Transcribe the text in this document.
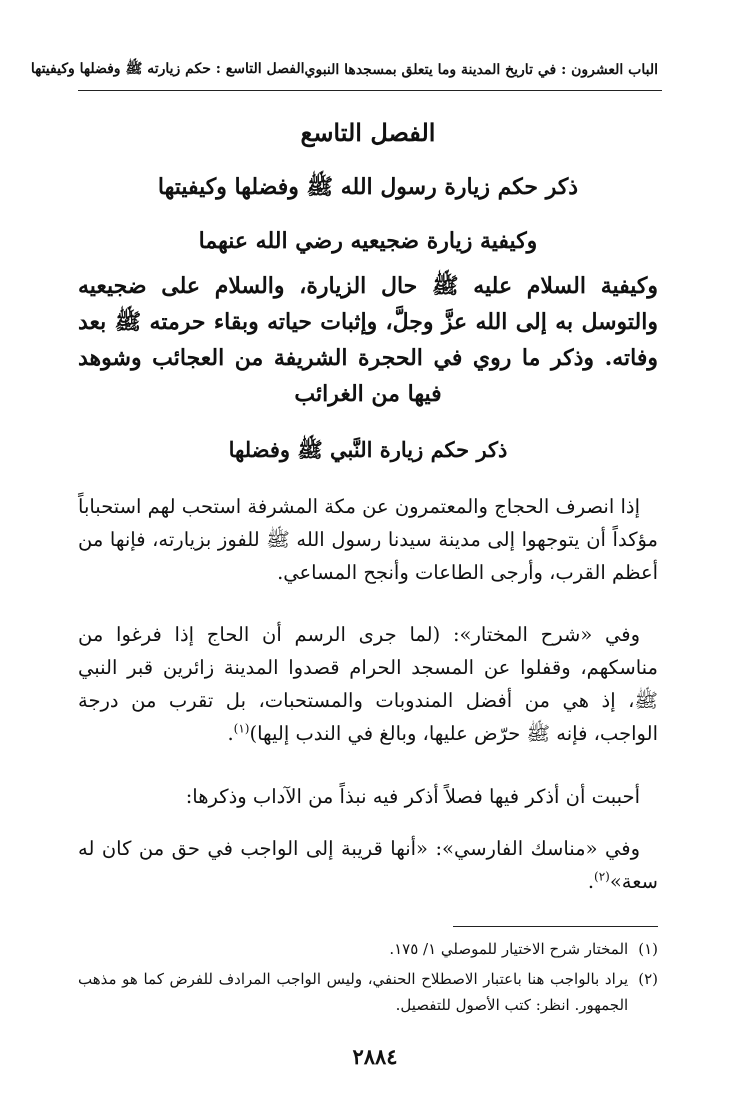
الباب العشرون : في تاريخ المدينة وما يتعلق بمسجدها النبوي
الفصل التاسع : حكم زيارته ﷺ وفضلها وكيفيتها
الفصل التاسع
ذكر حكم زيارة رسول الله ﷺ وفضلها وكيفيتها
وكيفية زيارة ضجيعيه رضي الله عنهما
وكيفية السلام عليه ﷺ حال الزيارة، والسلام على ضجيعيه والتوسل به إلى الله عزَّ وجلَّ، وإثبات حياته وبقاء حرمته ﷺ بعد وفاته. وذكر ما روي في الحجرة الشريفة من العجائب وشوهد فيها من الغرائب
ذكر حكم زيارة النَّبي ﷺ وفضلها

إذا انصرف الحجاج والمعتمرون عن مكة المشرفة استحب لهم استحباباً مؤكداً أن يتوجهوا إلى مدينة سيدنا رسول الله ﷺ للفوز بزيارته، فإنها من أعظم القرب، وأرجى الطاعات وأنجح المساعي.

وفي «شرح المختار»: (لما جرى الرسم أن الحاج إذا فرغوا من مناسكهم، وقفلوا عن المسجد الحرام قصدوا المدينة زائرين قبر النبي ﷺ، إذ هي من أفضل المندوبات والمستحبات، بل تقرب من درجة الواجب، فإنه ﷺ حرّض عليها، وبالغ في الندب إليها)$^{(١)}$.

أحببت أن أذكر فيها فصلاً أذكر فيه نبذاً من الآداب وذكرها:

وفي «مناسك الفارسي»: «أنها قريبة إلى الواجب في حق من كان له سعة»$^{(٢)}$.

(١)
المختار شرح الاختيار للموصلي ١/ ١٧٥.
(٢)
يراد بالواجب هنا باعتبار الاصطلاح الحنفي، وليس الواجب المرادف للفرض كما هو مذهب الجمهور. انظر: كتب الأصول للتفصيل.
٢٨٨٤
